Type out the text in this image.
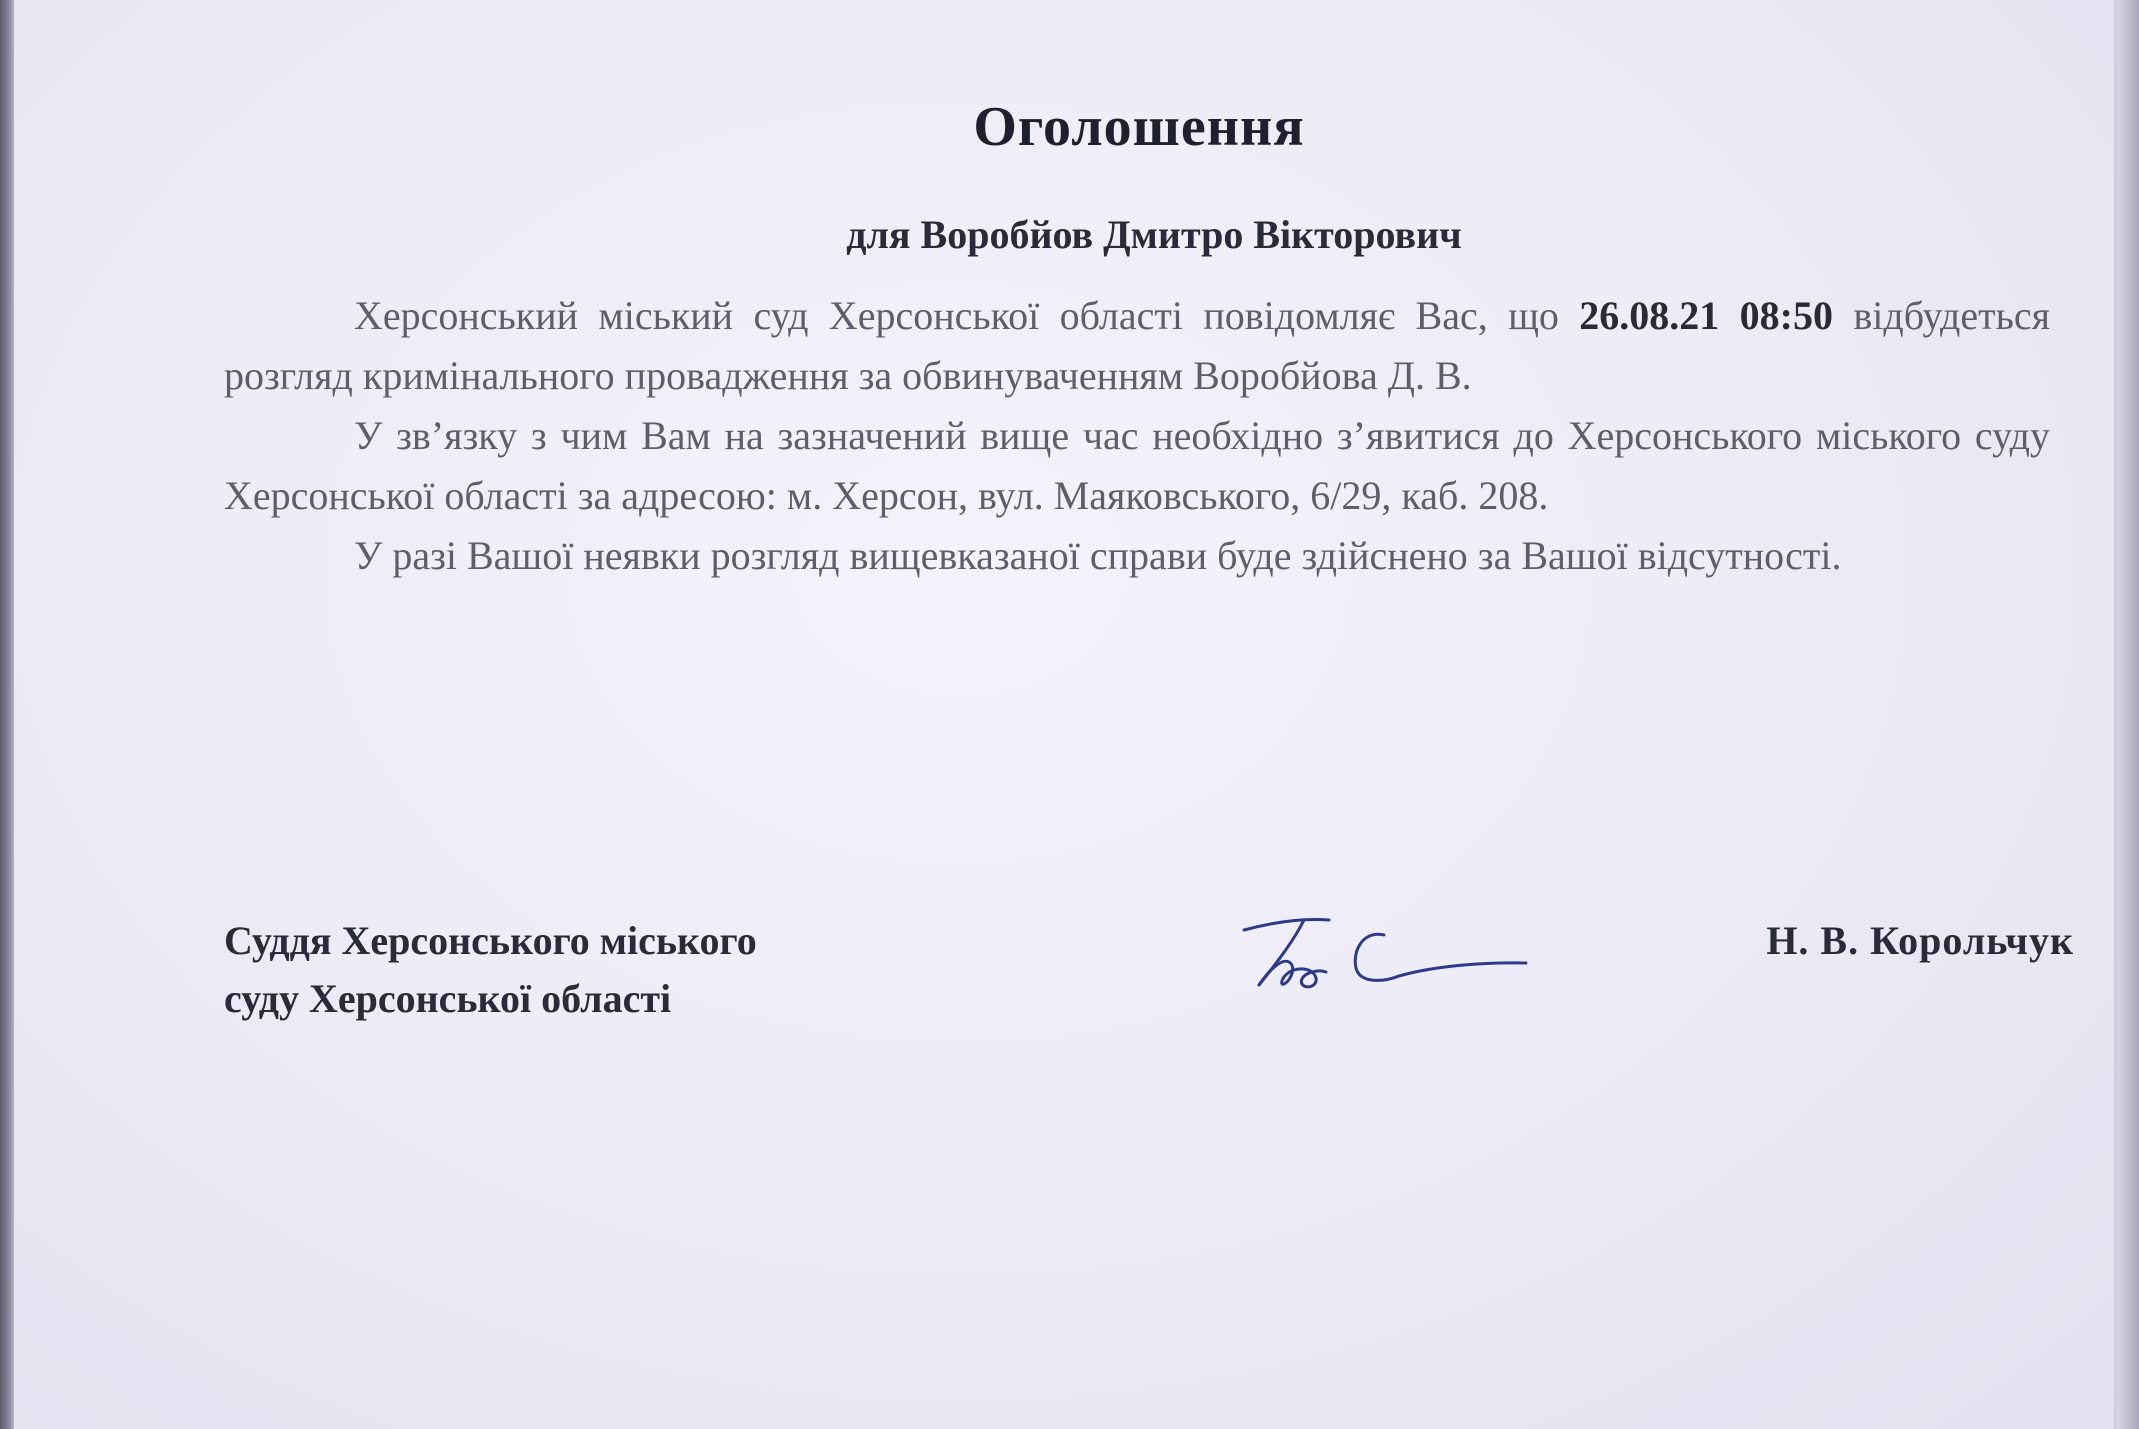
Оголошення
для Воробйов Дмитро Вікторович

Херсонський міський суд Херсонської області повідомляє Вас, що 26.08.21 08:50 відбудеться розгляд кримінального провадження за обвинуваченням Воробйова Д. В.

У зв’язку з чим Вам на зазначений вище час необхідно з’явитися до Херсонського міського суду Херсонської області за адресою: м. Херсон, вул. Маяковського, 6/29, каб. 208.

У разі Вашої неявки розгляд вищевказаної справи буде здійснено за Вашої відсутності.

Суддя Херсонського міського
суду Херсонської області
Н. В. Корольчук
